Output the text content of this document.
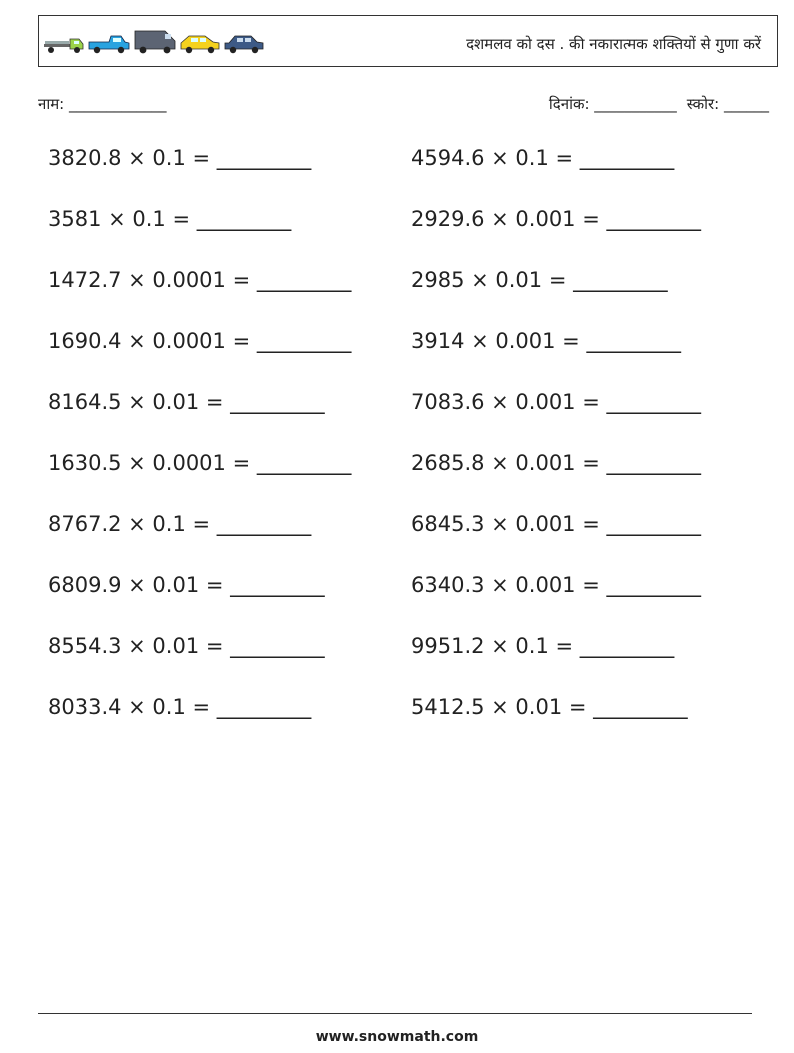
दशमलव को दस . की नकारात्मक शक्तियों से गुणा करें
नाम: _____________	दिनांक: ___________ स्कोर: ______
3820.8 × 0.1 = _________	4594.6 × 0.1 = _________
3581 × 0.1 = _________	2929.6 × 0.001 = _________
1472.7 × 0.0001 = _________	2985 × 0.01 = _________
1690.4 × 0.0001 = _________	3914 × 0.001 = _________
8164.5 × 0.01 = _________	7083.6 × 0.001 = _________
1630.5 × 0.0001 = _________	2685.8 × 0.001 = _________
8767.2 × 0.1 = _________	6845.3 × 0.001 = _________
6809.9 × 0.01 = _________	6340.3 × 0.001 = _________
8554.3 × 0.01 = _________	9951.2 × 0.1 = _________
8033.4 × 0.1 = _________	5412.5 × 0.01 = _________
www.snowmath.com
